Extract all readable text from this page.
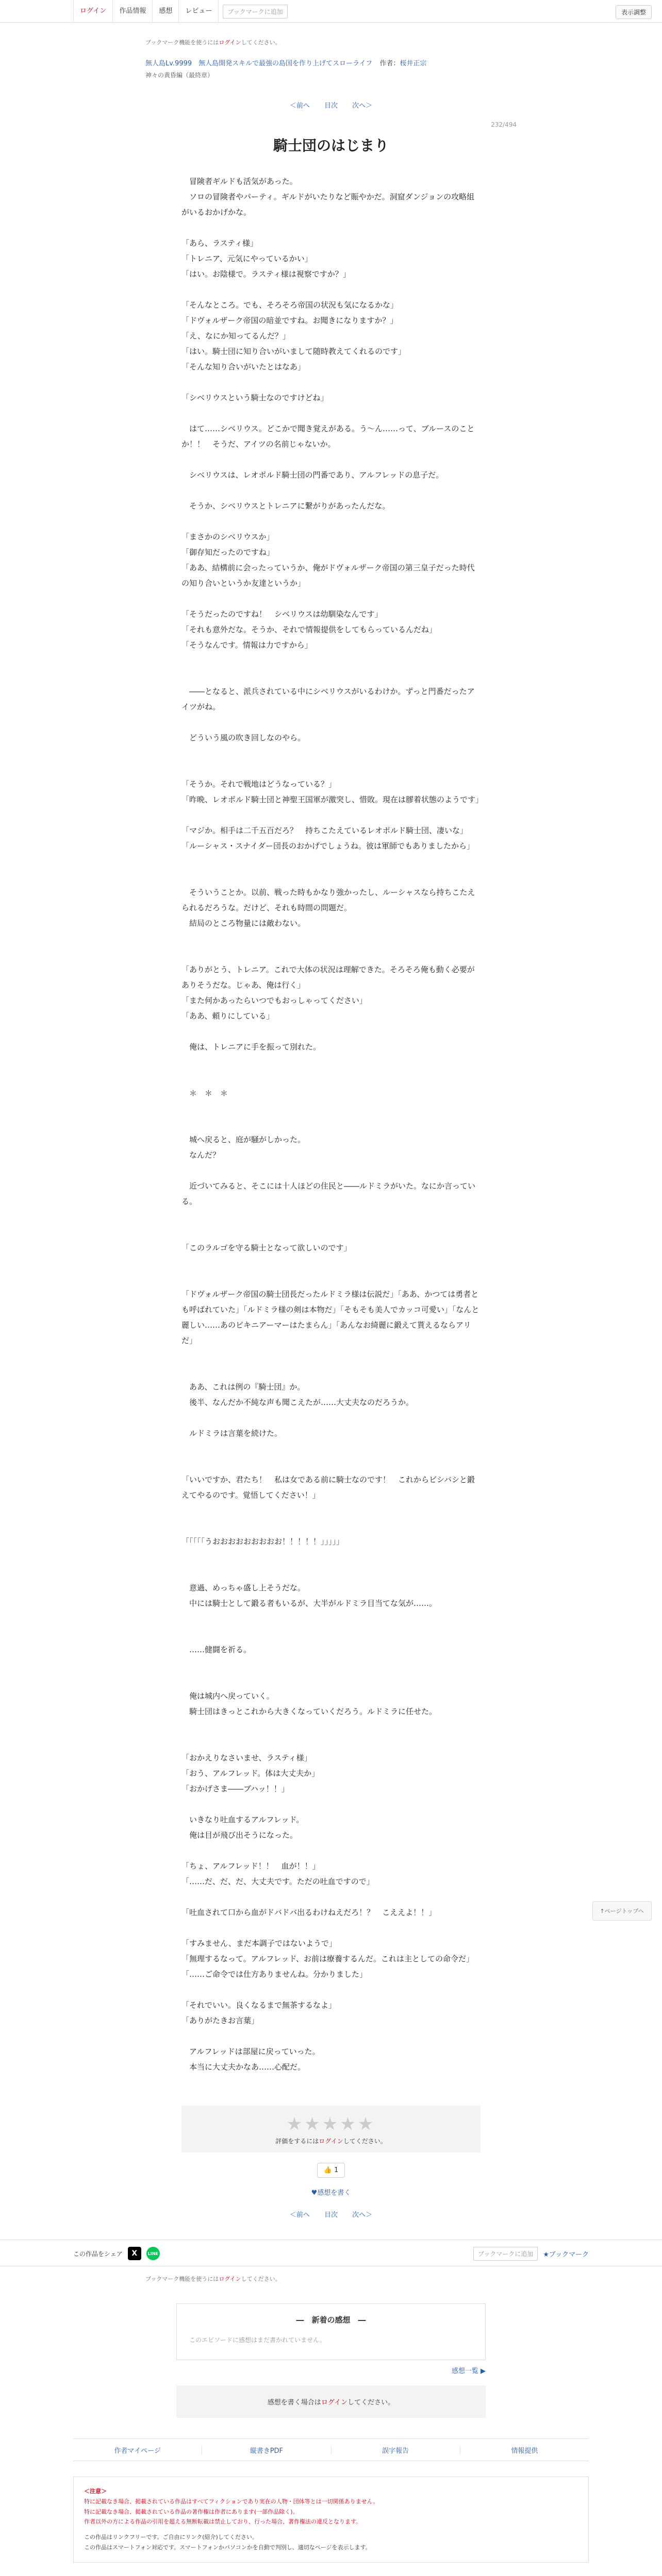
ログイン	作品情報	感想	レビュー	ブックマークに追加	表示調整
ブックマーク機能を使うにはログインしてください。
無人島Lv.9999　無人島開発スキルで最強の島国を作り上げてスローライフ 作者：桜井正宗
神々の黄昏編（最終章）
＜前へ 目次 次へ＞
232/494
騎士団のはじまり

　冒険者ギルドも活気があった。

　ソロの冒険者やパーティ。ギルドがいたりなど賑やかだ。洞窟ダンジョンの攻略組がいるおかげかな。

「あら、ラスティ様」

「トレニア、元気にやっているかい」

「はい。お陰様で。ラスティ様は視察ですか？」

「そんなところ。でも、そろそろ帝国の状況も気になるかな」

「ドヴォルザーク帝国の暗並ですね。お聞きになりますか？」

「え、なにか知ってるんだ？」

「はい。騎士団に知り合いがいまして随時教えてくれるのです」

「そんな知り合いがいたとはなあ」

「シベリウスという騎士なのですけどね」

　はて……シベリウス。どこかで聞き覚えがある。う～ん……って、ブルースのことか！！　そうだ、アイツの名前じゃないか。

　シベリウスは、レオポルド騎士団の門番であり、アルフレッドの息子だ。

　そうか、シベリウスとトレニアに繋がりがあったんだな。

「まさかのシベリウスか」

「御存知だったのですね」

「ああ、結構前に会ったっていうか、俺がドヴォルザーク帝国の第三皇子だった時代の知り合いというか友達というか」

「そうだったのですね！　シベリウスは幼馴染なんです」

「それも意外だな。そうか、それで情報提供をしてもらっているんだね」

「そうなんです。情報は力ですから」

　――となると、派兵されている中にシベリウスがいるわけか。ずっと門番だったアイツがね。

　どういう風の吹き回しなのやら。

「そうか。それで戦地はどうなっている？」

「昨晩、レオポルド騎士団と神聖王国軍が激突し、惜敗。現在は膠着状態のようです」

「マジか。相手は二千五百だろ？　持ちこたえているレオポルド騎士団、凄いな」

「ルーシャス・スナイダー団長のおかげでしょうね。彼は軍師でもありましたから」

　そういうことか。以前、戦った時もかなり強かったし、ルーシャスなら持ちこたえられるだろうな。だけど、それも時間の問題だ。

　結局のところ物量には敵わない。

「ありがとう、トレニア。これで大体の状況は理解できた。そろそろ俺も動く必要がありそうだな。じゃあ、俺は行く」

「また何かあったらいつでもおっしゃってください」

「ああ、頼りにしている」

　俺は、トレニアに手を振って別れた。

　＊　＊　＊

　城へ戻ると、庭が騒がしかった。

　なんだ？

　近づいてみると、そこには十人ほどの住民と――ルドミラがいた。なにか言っている。

「このラルゴを守る騎士となって欲しいのです」

「ドヴォルザーク帝国の騎士団長だったルドミラ様は伝説だ」「ああ、かつては勇者とも呼ばれていた」「ルドミラ様の剣は本物だ」「そもそも美人でカッコ可愛い」「なんと麗しい……あのビキニアーマーはたまらん」「あんなお綺麗に鍛えて貰えるならアリだ」

　ああ、これは例の『騎士団』か。

　後半、なんだか不純な声も聞こえたが……大丈夫なのだろうか。

　ルドミラは言葉を続けた。

「いいですか、君たち！　私は女である前に騎士なのです！　これからビシバシと鍛えてやるのです。覚悟してください！」

「「「「「うおおおおおおおおお！！！！！」」」」」

　意過、めっちゃ盛し上そうだな。

　中には騎士として鍛る者もいるが、大半がルドミラ目当てな気が……。

　……健闘を祈る。

　俺は城内へ戻っていく。

　騎士団はきっとこれから大きくなっていくだろう。ルドミラに任せた。

「おかえりなさいませ、ラスティ様」

「おう、アルフレッド。体は大丈夫か」

「おかげさま――ブハッ！！」

　いきなり吐血するアルフレッド。

　俺は目が飛び出そうになった。

「ちょ、アルフレッド！！　血が！！」

「……だ、だ、だ、大丈夫です。ただの吐血ですので」

「吐血されて口から血がドバドバ出るわけねえだろ！？　こええよ！！」

「すみません、まだ本調子ではないようで」

「無理するなって。アルフレッド、お前は療養するんだ。これは主としての命令だ」

「……ご命令では仕方ありませんね。分かりました」

「それでいい。良くなるまで無茶するなよ」

「ありがたきお言葉」

　アルフレッドは部屋に戻っていった。

　本当に大丈夫かなあ……心配だ。

★★★★★
評価をするにはログインしてください。
👍 1
♥感想を書く
＜前へ 目次 次へ＞
この作品をシェア	X	LINE	ブックマークに追加	★ブックマーク
ブックマーク機能を使うにはログインしてください。
―　新着の感想　―
このエピソードに感想はまだ書かれていません。
感想一覧 ▶
感想を書く場合はログインしてください。
作者マイページ	縦書きPDF	誤字報告	情報提供
＜注意＞
特に記載なき場合、掲載されている作品はすべてフィクションであり実在の人物・団体等とは一切関係ありません。
特に記載なき場合、掲載されている作品の著作権は作者にあります(一部作品除く)。
作者以外の方による作品の引用を超える無断転載は禁止しており、行った場合、著作権法の違反となります。
この作品はリンクフリーです。ご自由にリンク(紹介)してください。
この作品はスマートフォン対応です。スマートフォンかパソコンかを自動で判別し、適切なページを表示します。
↑ページトップへ
